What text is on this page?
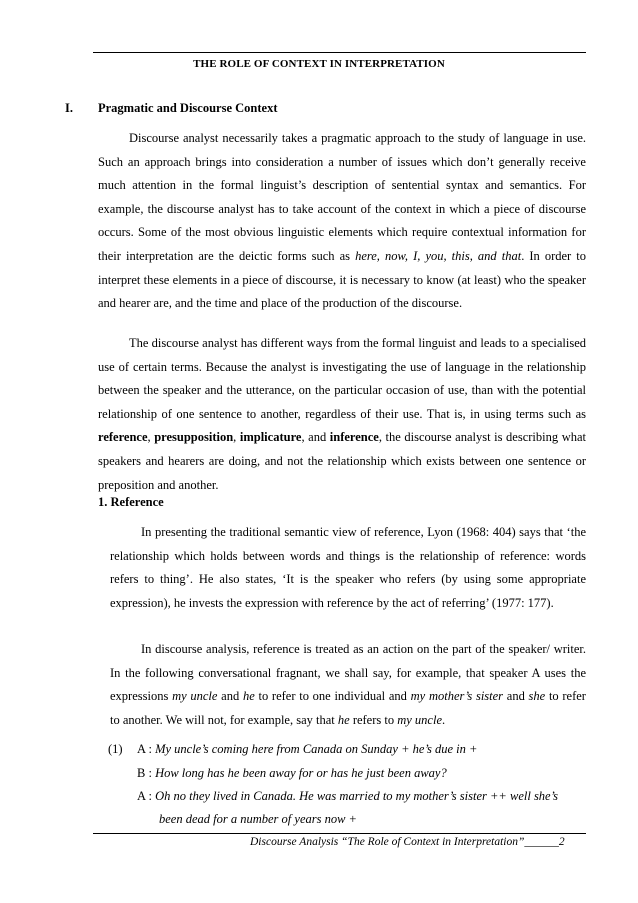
THE ROLE OF CONTEXT IN INTERPRETATION
I. Pragmatic and Discourse Context
Discourse analyst necessarily takes a pragmatic approach to the study of language in use. Such an approach brings into consideration a number of issues which don’t generally receive much attention in the formal linguist’s description of sentential syntax and semantics. For example, the discourse analyst has to take account of the context in which a piece of discourse occurs. Some of the most obvious linguistic elements which require contextual information for their interpretation are the deictic forms such as here, now, I, you, this, and that. In order to interpret these elements in a piece of discourse, it is necessary to know (at least) who the speaker and hearer are, and the time and place of the production of the discourse.
The discourse analyst has different ways from the formal linguist and leads to a specialised use of certain terms. Because the analyst is investigating the use of language in the relationship between the speaker and the utterance, on the particular occasion of use, than with the potential relationship of one sentence to another, regardless of their use. That is, in using terms such as reference, presupposition, implicature, and inference, the discourse analyst is describing what speakers and hearers are doing, and not the relationship which exists between one sentence or preposition and another.
1. Reference
In presenting the traditional semantic view of reference, Lyon (1968: 404) says that ‘the relationship which holds between words and things is the relationship of reference: words refers to thing’. He also states, ‘It is the speaker who refers (by using some appropriate expression), he invests the expression with reference by the act of referring’ (1977: 177).
In discourse analysis, reference is treated as an action on the part of the speaker/ writer. In the following conversational fragnant, we shall say, for example, that speaker A uses the expressions my uncle and he to refer to one individual and my mother’s sister and she to refer to another. We will not, for example, say that he refers to my uncle.
(1) A : My uncle’s coming here from Canada on Sunday + he’s due in +
B : How long has he been away for or has he just been away?
A : Oh no they lived in Canada. He was married to my mother’s sister ++ well she’s
been dead for a number of years now +
Discourse Analysis “The Role of Context in Interpretation”______2
